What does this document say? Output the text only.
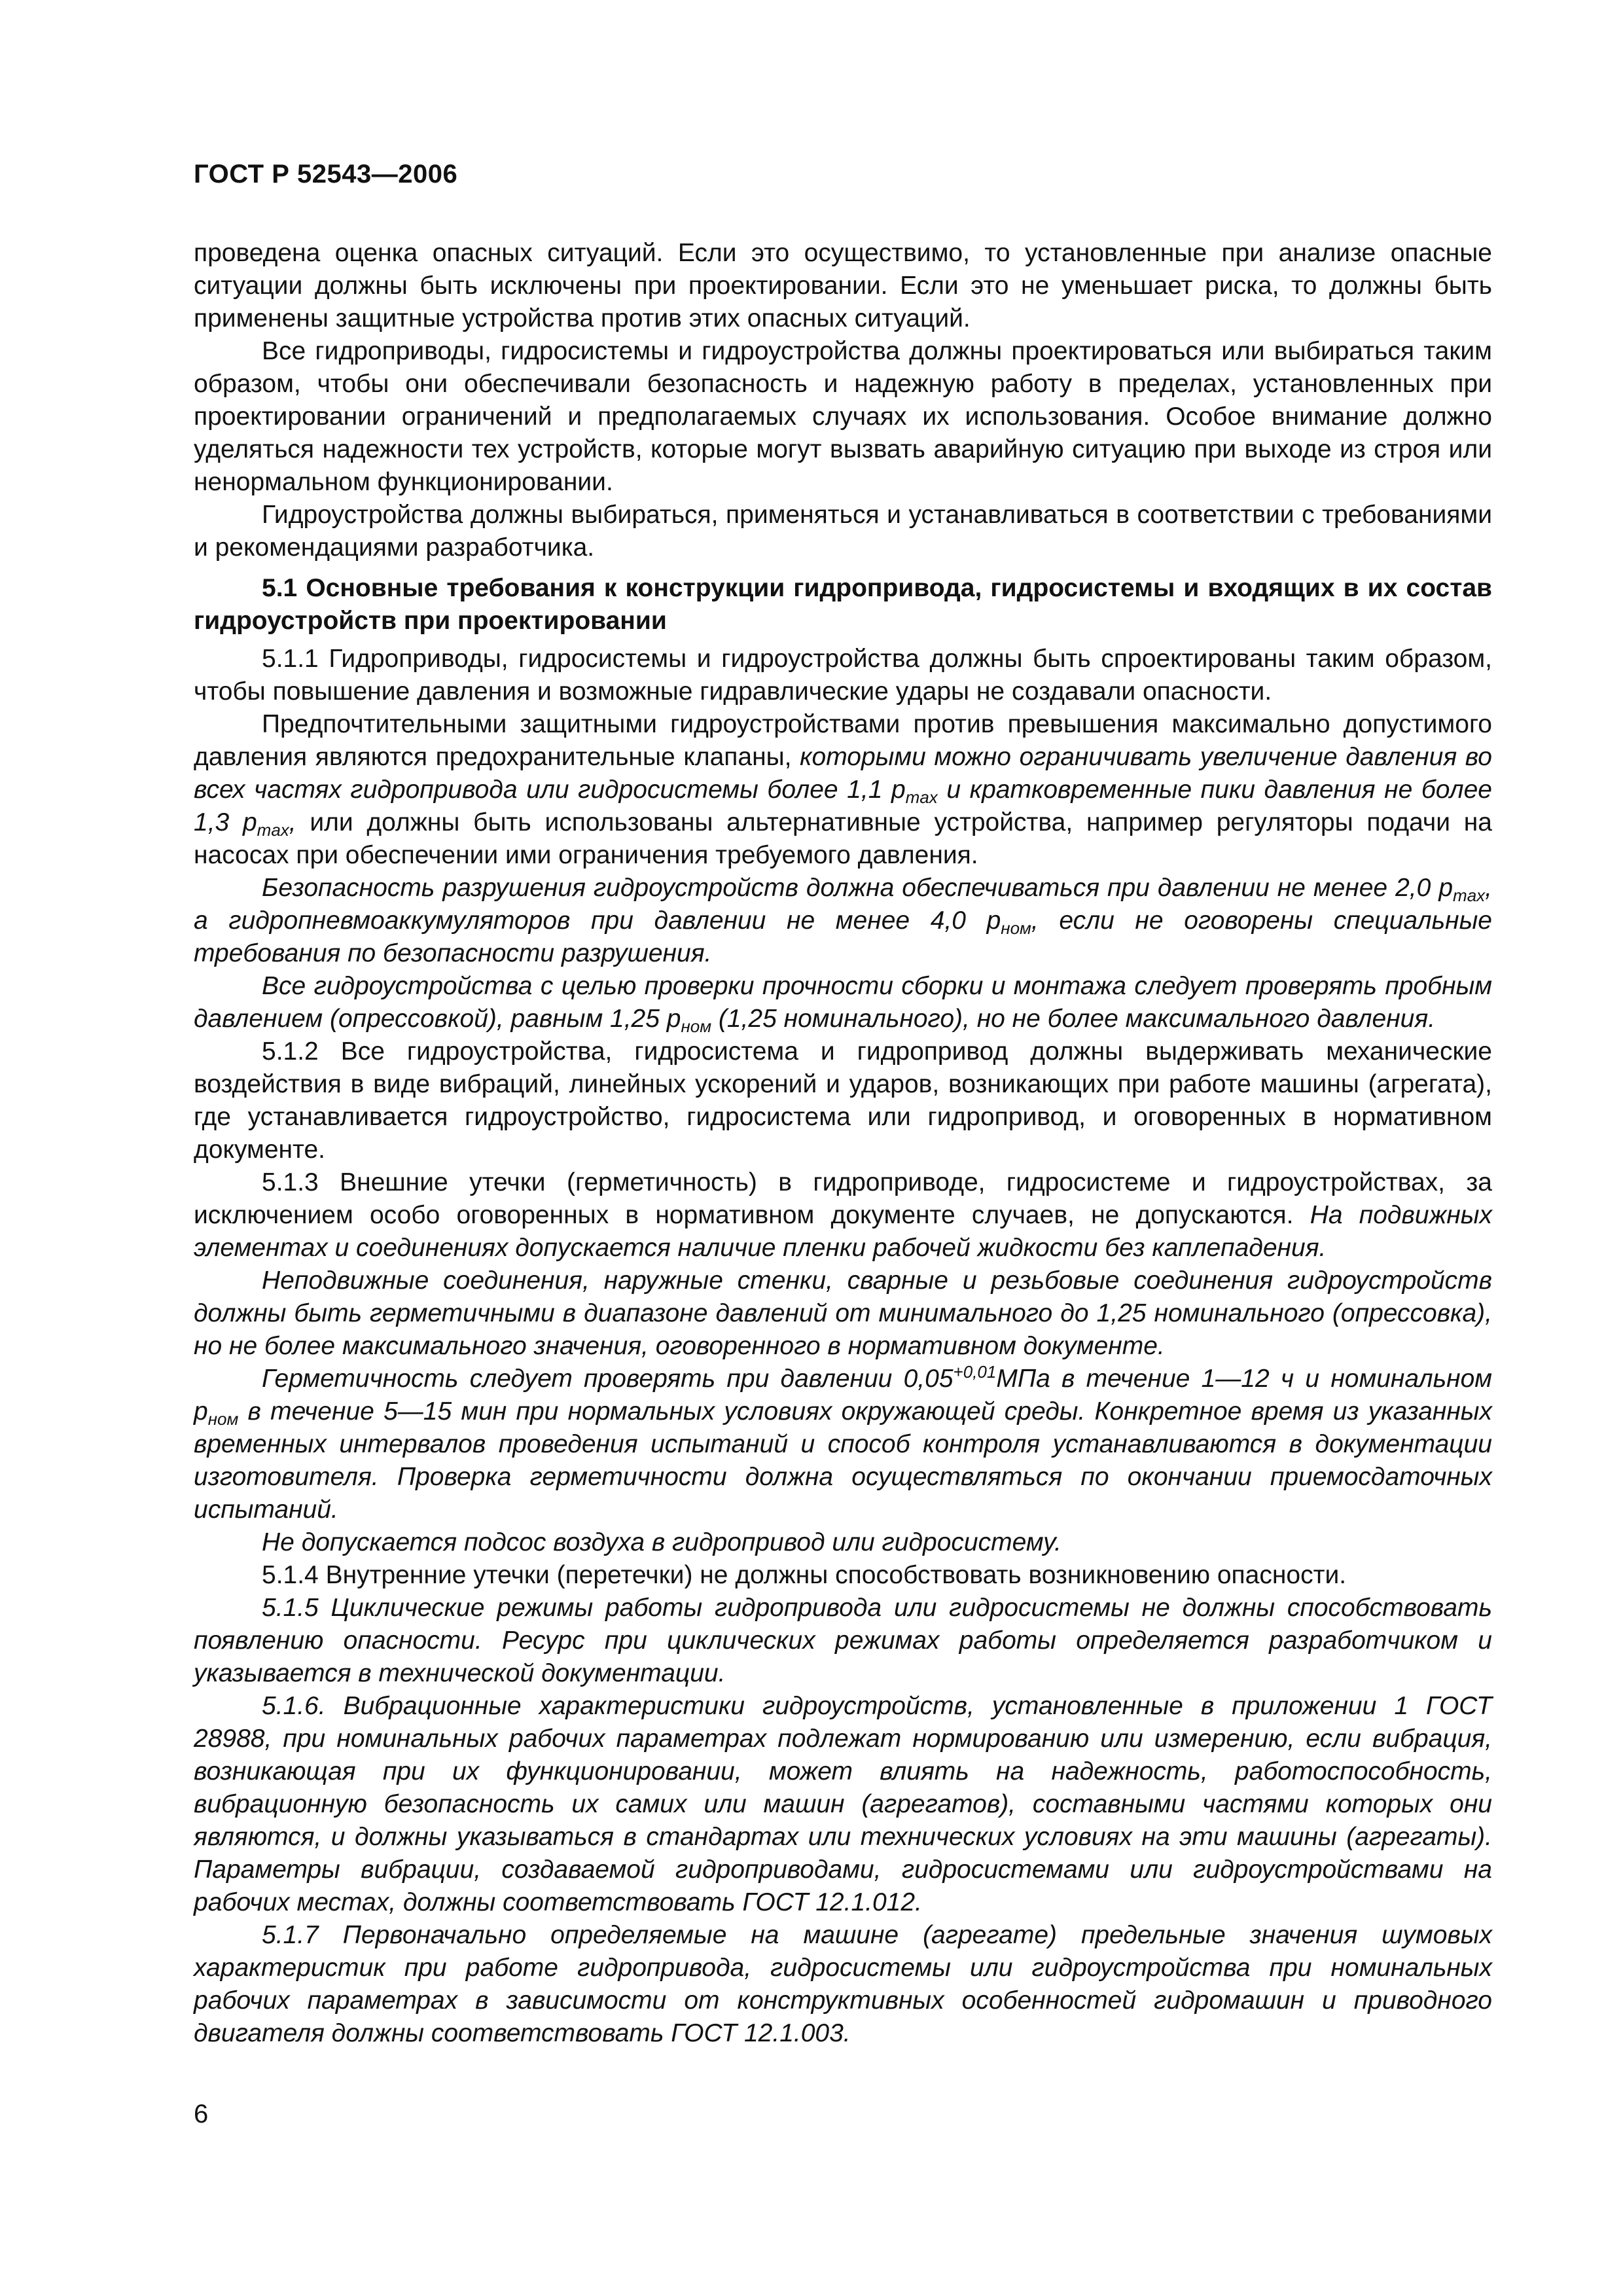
ГОСТ Р 52543—2006

проведена оценка опасных ситуаций. Если это осуществимо, то установленные при анализе опасные ситуации должны быть исключены при проектировании. Если это не уменьшает риска, то должны быть применены защитные устройства против этих опасных ситуаций.

Все гидроприводы, гидросистемы и гидроустройства должны проектироваться или выбираться таким образом, чтобы они обеспечивали безопасность и надежную работу в пределах, установленных при проектировании ограничений и предполагаемых случаях их использования. Особое внимание должно уделяться надежности тех устройств, которые могут вызвать аварийную ситуацию при выходе из строя или ненормальном функционировании.

Гидроустройства должны выбираться, применяться и устанавливаться в соответствии с требованиями и рекомендациями разработчика.

5.1 Основные требования к конструкции гидропривода, гидросистемы и входящих в их состав гидроустройств при проектировании

5.1.1 Гидроприводы, гидросистемы и гидроустройства должны быть спроектированы таким образом, чтобы повышение давления и возможные гидравлические удары не создавали опасности.

Предпочтительными защитными гидроустройствами против превышения максимально допустимого давления являются предохранительные клапаны, которыми можно ограничивать увеличение давления во всех частях гидропривода или гидросистемы более 1,1 $p_{max}$ и кратковременные пики давления не более 1,3 $p_{max}$, или должны быть использованы альтернативные устройства, например регуляторы подачи на насосах при обеспечении ими ограничения требуемого давления.

Безопасность разрушения гидроустройств должна обеспечиваться при давлении не менее 2,0 $p_{max}$, а гидропневмоаккумуляторов при давлении не менее 4,0 $p_{ном}$, если не оговорены специальные требования по безопасности разрушения.

Все гидроустройства с целью проверки прочности сборки и монтажа следует проверять пробным давлением (опрессовкой), равным 1,25 $p_{ном}$ (1,25 номинального), но не более максимального давления.

5.1.2 Все гидроустройства, гидросистема и гидропривод должны выдерживать механические воздействия в виде вибраций, линейных ускорений и ударов, возникающих при работе машины (агрегата), где устанавливается гидроустройство, гидросистема или гидропривод, и оговоренных в нормативном документе.

5.1.3 Внешние утечки (герметичность) в гидроприводе, гидросистеме и гидроустройствах, за исключением особо оговоренных в нормативном документе случаев, не допускаются. На подвижных элементах и соединениях допускается наличие пленки рабочей жидкости без каплепадения.

Неподвижные соединения, наружные стенки, сварные и резьбовые соединения гидроустройств должны быть герметичными в диапазоне давлений от минимального до 1,25 номинального (опрессовка), но не более максимального значения, оговоренного в нормативном документе.

Герметичность следует проверять при давлении $0,05^{+0,01}МПа$ в течение 1—12 ч и номинальном $p_{ном}$ в течение 5—15 мин при нормальных условиях окружающей среды. Конкретное время из указанных временных интервалов проведения испытаний и способ контроля устанавливаются в документации изготовителя. Проверка герметичности должна осуществляться по окончании приемосдаточных испытаний.

Не допускается подсос воздуха в гидропривод или гидросистему.

5.1.4 Внутренние утечки (перетечки) не должны способствовать возникновению опасности.

5.1.5 Циклические режимы работы гидропривода или гидросистемы не должны способствовать появлению опасности. Ресурс при циклических режимах работы определяется разработчиком и указывается в технической документации.

5.1.6. Вибрационные характеристики гидроустройств, установленные в приложении 1 ГОСТ 28988, при номинальных рабочих параметрах подлежат нормированию или измерению, если вибрация, возникающая при их функционировании, может влиять на надежность, работоспособность, вибрационную безопасность их самих или машин (агрегатов), составными частями которых они являются, и должны указываться в стандартах или технических условиях на эти машины (агрегаты). Параметры вибрации, создаваемой гидроприводами, гидросистемами или гидроустройствами на рабочих местах, должны соответствовать ГОСТ 12.1.012.

5.1.7 Первоначально определяемые на машине (агрегате) предельные значения шумовых характеристик при работе гидропривода, гидросистемы или гидроустройства при номинальных рабочих параметрах в зависимости от конструктивных особенностей гидромашин и приводного двигателя должны соответствовать ГОСТ 12.1.003.

6
